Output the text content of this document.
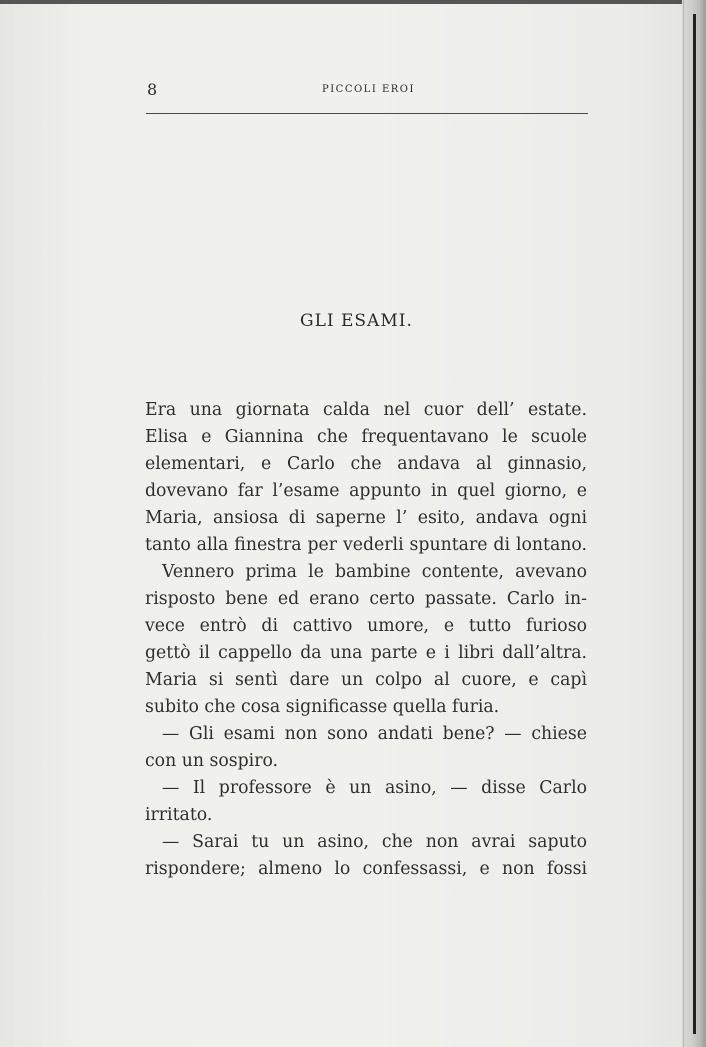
8	PICCOLI EROI
GLI ESAMI.
Era una giornata calda nel cuor dell’ estate.
Elisa e Giannina che frequentavano le scuole
elementari, e Carlo che andava al ginnasio,
dovevano far l’esame appunto in quel giorno, e
Maria, ansiosa di saperne l’ esito, andava ogni
tanto alla finestra per vederli spuntare di lontano.
Vennero prima le bambine contente, avevano
risposto bene ed erano certo passate. Carlo in-
vece entrò di cattivo umore, e tutto furioso
gettò il cappello da una parte e i libri dall’altra.
Maria si sentì dare un colpo al cuore, e capì
subito che cosa significasse quella furia.
— Gli esami non sono andati bene? — chiese
con un sospiro.
— Il professore è un asino, — disse Carlo
irritato.
— Sarai tu un asino, che non avrai saputo
rispondere; almeno lo confessassi, e non fossi
